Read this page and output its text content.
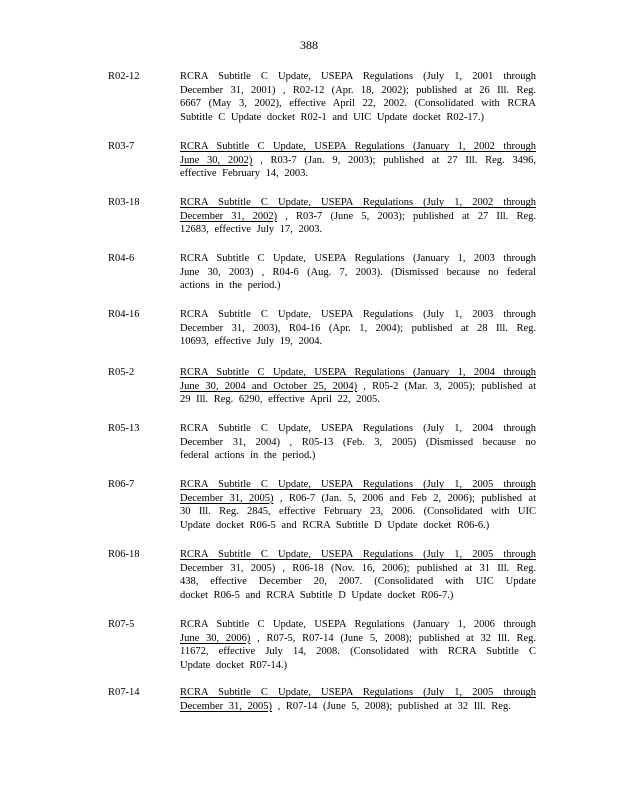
388
R02-12	RCRA Subtitle C Update, USEPA Regulations (July 1, 2001 through
December 31, 2001) , R02-12 (Apr. 18, 2002); published at 26 Ill. Reg.
6667 (May 3, 2002), effective April 22, 2002. (Consolidated with RCRA
Subtitle C Update docket R02-1 and UIC Update docket R02-17.)
R03-7	RCRA Subtitle C Update, USEPA Regulations (January 1, 2002 through
June 30, 2002) , R03-7 (Jan. 9, 2003); published at 27 Ill. Reg. 3496,
effective February 14, 2003.
R03-18	RCRA Subtitle C Update, USEPA Regulations (July 1, 2002 through
December 31, 2002) , R03-7 (June 5, 2003); published at 27 Ill. Reg.
12683, effective July 17, 2003.
R04-6	RCRA Subtitle C Update, USEPA Regulations (January 1, 2003 through
June 30, 2003) , R04-6 (Aug. 7, 2003). (Dismissed because no federal
actions in the period.)
R04-16	RCRA Subtitle C Update, USEPA Regulations (July 1, 2003 through
December 31, 2003), R04-16 (Apr. 1, 2004); published at 28 Ill. Reg.
10693, effective July 19, 2004.
R05-2	RCRA Subtitle C Update, USEPA Regulations (January 1, 2004 through
June 30, 2004 and October 25, 2004) , R05-2 (Mar. 3, 2005); published at
29 Ill. Reg. 6290, effective April 22, 2005.
R05-13	RCRA Subtitle C Update, USEPA Regulations (July 1, 2004 through
December 31, 2004) , R05-13 (Feb. 3, 2005) (Dismissed because no
federal actions in the period.)
R06-7	RCRA Subtitle C Update, USEPA Regulations (July 1, 2005 through
December 31, 2005) , R06-7 (Jan. 5, 2006 and Feb 2, 2006); published at
30 Ill. Reg. 2845, effective February 23, 2006. (Consolidated with UIC
Update docket R06-5 and RCRA Subtitle D Update docket R06-6.)
R06-18	RCRA Subtitle C Update, USEPA Regulations (July 1, 2005 through
December 31, 2005) , R06-18 (Nov. 16, 2006); published at 31 Ill. Reg.
438, effective December 20, 2007. (Consolidated with UIC Update
docket R06-5 and RCRA Subtitle D Update docket R06-7.)
R07-5	RCRA Subtitle C Update, USEPA Regulations (January 1, 2006 through
June 30, 2006) , R07-5, R07-14 (June 5, 2008); published at 32 Ill. Reg.
11672, effective July 14, 2008. (Consolidated with RCRA Subtitle C
Update docket R07-14.)
R07-14	RCRA Subtitle C Update, USEPA Regulations (July 1, 2005 through
December 31, 2005) , R07-14 (June 5, 2008); published at 32 Ill. Reg.
